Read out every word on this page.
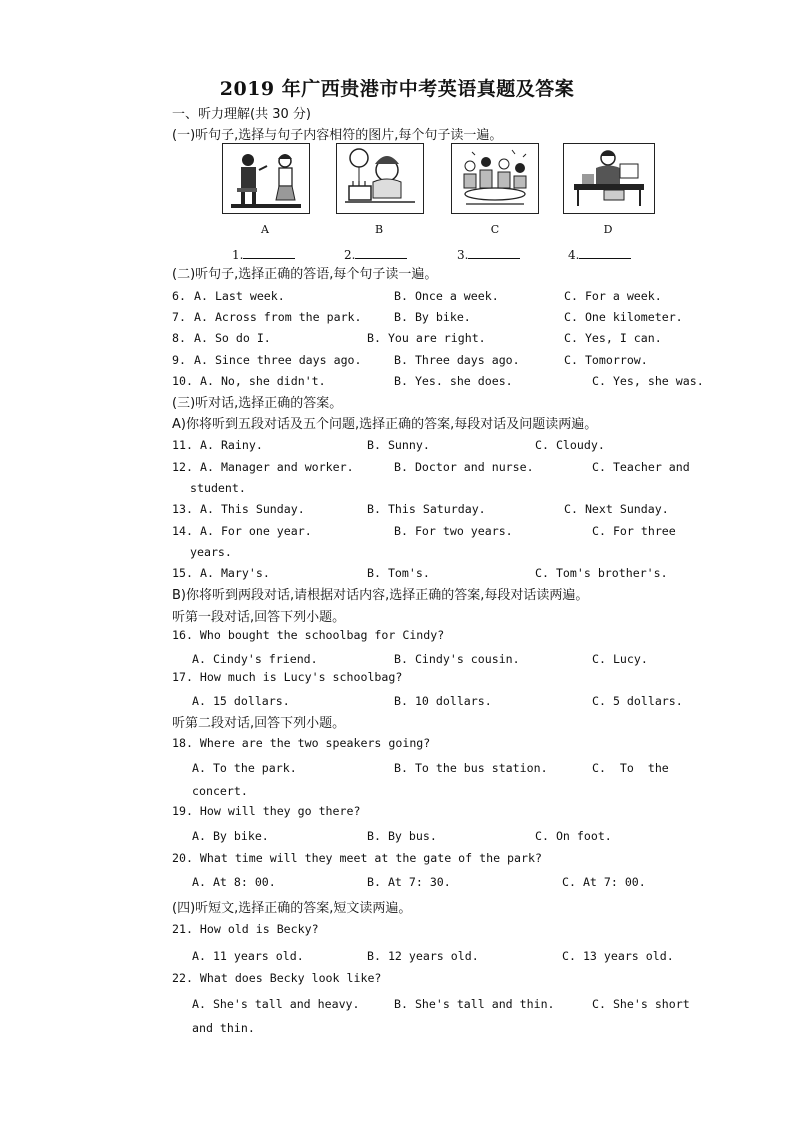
2019 年广西贵港市中考英语真题及答案
一、听力理解(共 30 分)
(一)听句子,选择与句子内容相符的图片,每个句子读一遍。
A	B	C	D
1.	2.	3.	4.
(二)听句子,选择正确的答语,每个句子读一遍。
6. A. Last week.	B. Once a week.	C. For a week.
7. A. Across from the park.	B. By bike.	C. One kilometer.
8. A. So do I.	B. You are right.	C. Yes, I can.
9. A. Since three days ago.	B. Three days ago.	C. Tomorrow.
10. A. No, she didn't.	B. Yes. she does.	C. Yes, she was.
(三)听对话,选择正确的答案。
A)你将听到五段对话及五个问题,选择正确的答案,每段对话及问题读两遍。
11. A. Rainy.	B. Sunny.	C. Cloudy.
12. A. Manager and worker.	B. Doctor and nurse.	C. Teacher and
student.
13. A. This Sunday.	B. This Saturday.	C. Next Sunday.
14. A. For one year.	B. For two years.	C. For three
years.
15. A. Mary's.	B. Tom's.	C. Tom's brother's.
B)你将听到两段对话,请根据对话内容,选择正确的答案,每段对话读两遍。
听第一段对话,回答下列小题。
16. Who bought the schoolbag for Cindy?
A. Cindy's friend.	B. Cindy's cousin.	C. Lucy.
17. How much is Lucy's schoolbag?
A. 15 dollars.	B. 10 dollars.	C. 5 dollars.
听第二段对话,回答下列小题。
18. Where are the two speakers going?
A. To the park.	B. To the bus station.	C.  To  the
concert.
19. How will they go there?
A. By bike.	B. By bus.	C. On foot.
20. What time will they meet at the gate of the park?
A. At 8: 00.	B. At 7: 30.	C. At 7: 00.
(四)听短文,选择正确的答案,短文读两遍。
21. How old is Becky?
A. 11 years old.	B. 12 years old.	C. 13 years old.
22. What does Becky look like?
A. She's tall and heavy.	B. She's tall and thin.	C. She's short
and thin.
